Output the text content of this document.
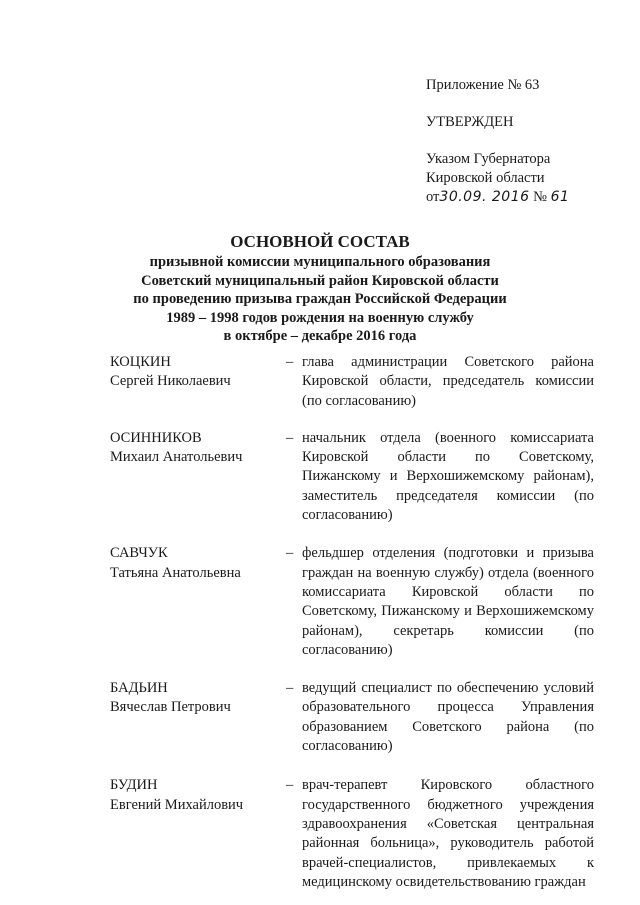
Приложение № 63
УТВЕРЖДЕН
Указом Губернатора
Кировской области
от30.09. 2016 № 61
ОСНОВНОЙ СОСТАВ
призывной комиссии муниципального образования
Советский муниципальный район Кировской области
по проведению призыва граждан Российской Федерации
1989 – 1998 годов рождения на военную службу
в октябре – декабре 2016 года
КОЦКИН
Сергей Николаевич
– глава администрации Советского района Кировской области, председатель комиссии (по согласованию)
ОСИННИКОВ
Михаил Анатольевич
– начальник отдела (военного комиссариата Кировской области по Советскому, Пижанскому и Верхошижемскому районам), заместитель председателя комиссии (по согласованию)
САВЧУК
Татьяна Анатольевна
– фельдшер отделения (подготовки и призыва граждан на военную службу) отдела (военного комиссариата Кировской области по Советскому, Пижанскому и Верхошижемскому районам), секретарь комиссии (по согласованию)
БАДЬИН
Вячеслав Петрович
– ведущий специалист по обеспечению условий образовательного процесса Управления образованием Советского района (по согласованию)
БУДИН
Евгений Михайлович
– врач-терапевт Кировского областного государственного бюджетного учреждения здравоохранения «Советская центральная районная больница», руководитель работой врачей-специалистов, привлекаемых к медицинскому освидетельствованию граждан
